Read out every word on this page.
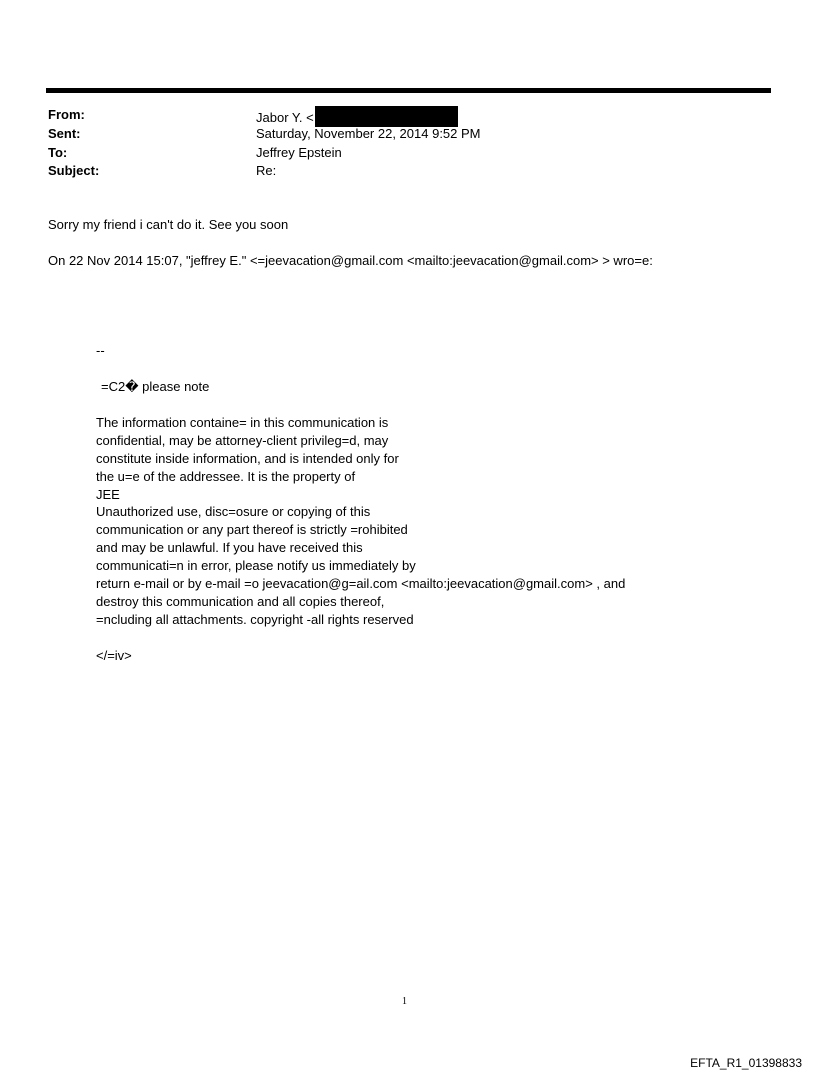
From:	Jabor Y. <
Sent:	Saturday, November 22, 2014 9:52 PM
To:	Jeffrey Epstein
Subject:	Re:
Sorry my friend i can't do it. See you soon
On 22 Nov 2014 15:07, "jeffrey E." <=jeevacation@gmail.com <mailto:jeevacation@gmail.com> > wro=e:
--
=C2� please note
The information containe= in this communication is
confidential, may be attorney-client privileg=d, may
constitute inside information, and is intended only for
the u=e of the addressee. It is the property of
JEE
Unauthorized use, disc=osure or copying of this
communication or any part thereof is strictly =rohibited
and may be unlawful. If you have received this
communicati=n in error, please notify us immediately by
return e-mail or by e-mail =o jeevacation@g=ail.com <mailto:jeevacation@gmail.com> , and
destroy this communication and all copies thereof,
=ncluding all attachments. copyright -all rights reserved
</=iv>
1
EFTA_R1_01398833
